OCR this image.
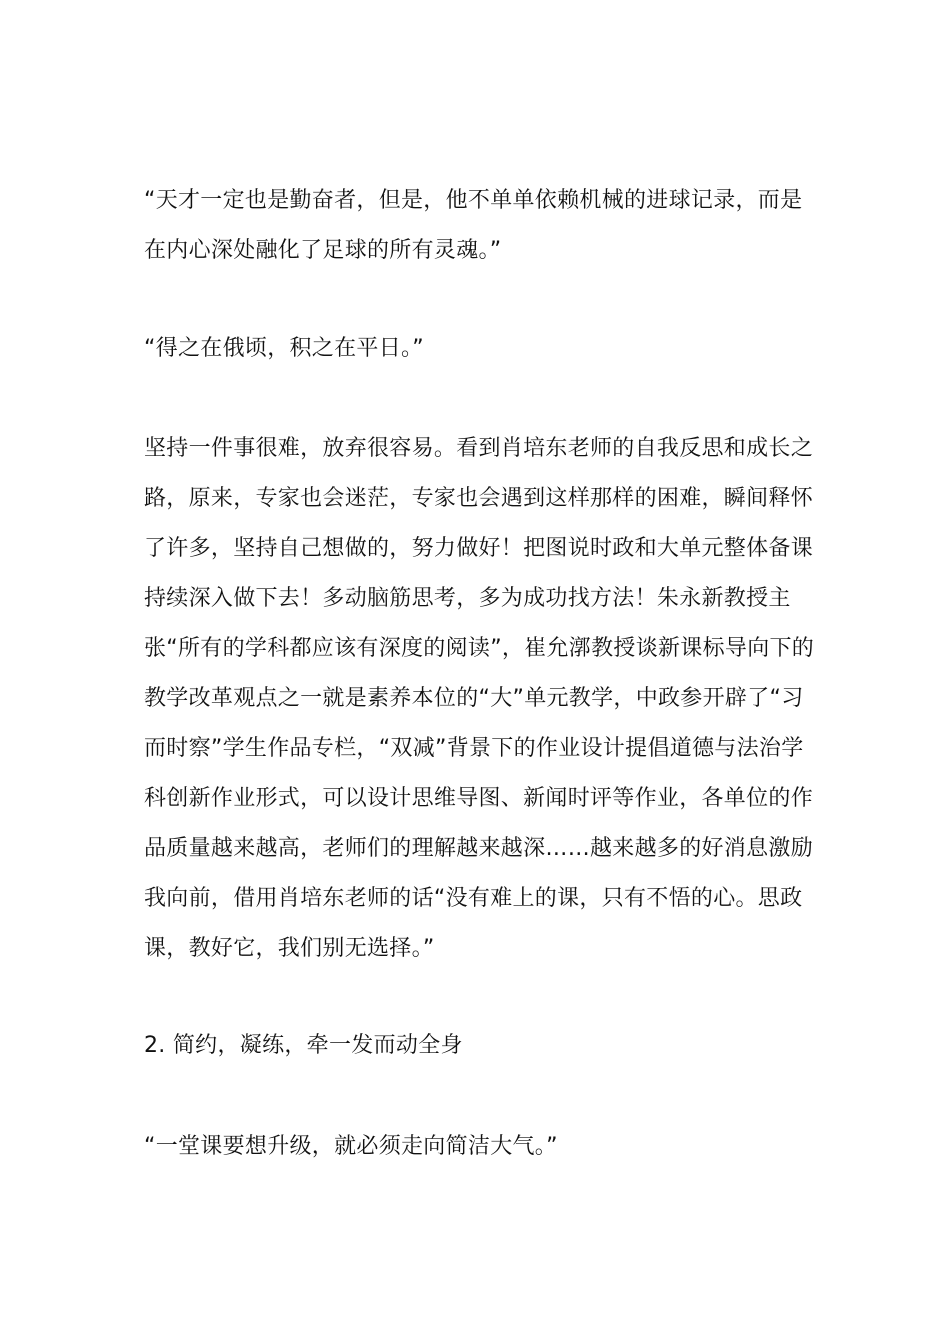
“天才一定也是勤奋者，但是，他不单单依赖机械的进球记录，而是在内心深处融化了足球的所有灵魂。”

“得之在俄顷，积之在平日。”

坚持一件事很难，放弃很容易。看到肖培东老师的自我反思和成长之路，原来，专家也会迷茫，专家也会遇到这样那样的困难，瞬间释怀了许多，坚持自己想做的，努力做好！把图说时政和大单元整体备课持续深入做下去！多动脑筋思考，多为成功找方法！朱永新教授主张“所有的学科都应该有深度的阅读”，崔允漷教授谈新课标导向下的教学改革观点之一就是素养本位的“大”单元教学，中政参开辟了“习而时察”学生作品专栏，“双减”背景下的作业设计提倡道德与法治学科创新作业形式，可以设计思维导图、新闻时评等作业，各单位的作品质量越来越高，老师们的理解越来越深……越来越多的好消息激励我向前，借用肖培东老师的话“没有难上的课，只有不悟的心。思政课，教好它，我们别无选择。”

2. 简约，凝练，牵一发而动全身

“一堂课要想升级，就必须走向简洁大气。”
